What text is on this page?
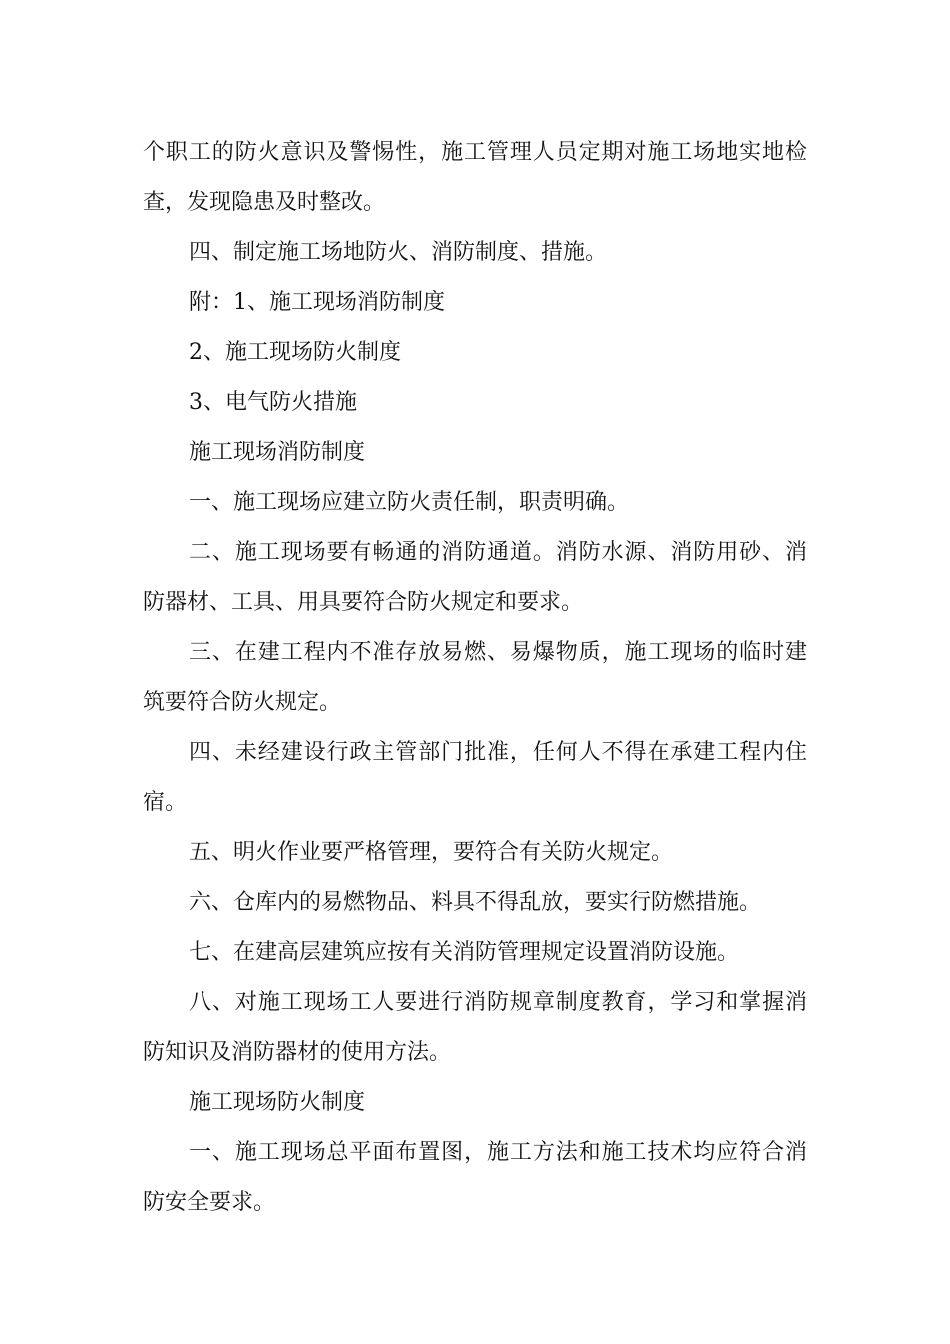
个职工的防火意识及警惕性，施工管理人员定期对施工场地实地检
查，发现隐患及时整改。
四、制定施工场地防火、消防制度、措施。
附：1、施工现场消防制度
2、施工现场防火制度
3、电气防火措施
施工现场消防制度
一、施工现场应建立防火责任制，职责明确。
二、施工现场要有畅通的消防通道。消防水源、消防用砂、消
防器材、工具、用具要符合防火规定和要求。
三、在建工程内不准存放易燃、易爆物质，施工现场的临时建
筑要符合防火规定。
四、未经建设行政主管部门批准，任何人不得在承建工程内住
宿。
五、明火作业要严格管理，要符合有关防火规定。
六、仓库内的易燃物品、料具不得乱放，要实行防燃措施。
七、在建高层建筑应按有关消防管理规定设置消防设施。
八、对施工现场工人要进行消防规章制度教育，学习和掌握消
防知识及消防器材的使用方法。
施工现场防火制度
一、施工现场总平面布置图，施工方法和施工技术均应符合消
防安全要求。
